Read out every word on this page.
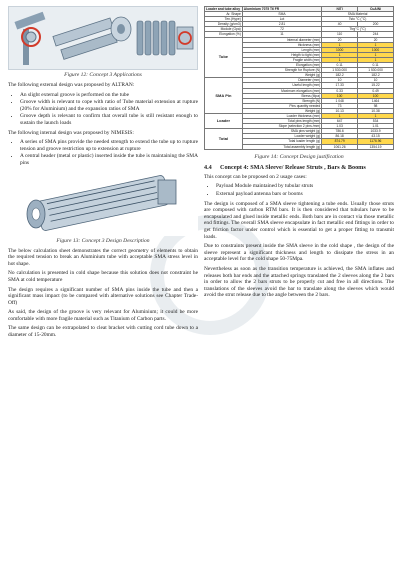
Figure 12: Concept 3 Applications

The following external design was proposed by ALTRAN:

• An slight external groove is performed on the tube
• Groove width is relevant to cope with ratio of Tube material extension at rupture (20% for Aluminium) and the expansion ratios of SMA
• Groove depth is relevant to confirm that overall tube is still resistant enough to sustain the launch loads

The following internal design was proposed by NIMESIS:

• A series of SMA pins provide the needed strength to extend the tube up to rupture tension and groove restriction up to extension at rupture
• A central header (metal or plastic) inserted inside the tube is maintaining the SMA pins
Figure 13: Concept 3 Design Description

The below calculation sheet demonstrates the correct geometry of elements to obtain the required tension to break an Aluminium tube with acceptable SMA stress level in hot shape.

No calculation is presented in cold shape because this solution does not constraint he SMA at cold temperature

The design requires a significant number of SMA pins inside the tube and then a significant mass impact (to be compared with alternative solutions see Chapter Trade-Off)

As said, the design of the groove is very relevant for Aluminium; it could be more comfortable with more fragile material such as Titanium of Carbon parts.

The same design can be extrapolated to cleat bracket with cutting cord tube down to a diameter of 15-20mm.

Loader and tube alloy	Aluminium 7075 T6 FR	NITI	CuAlNi
Ar. Shape	SMA	SMA Material	
Ten.(Hype)	Lot	Tsto °C (°C)	
Density (g/cm3)	2.81	40	200
Module (Gpa)	72	Ttrg°C (°C)	
Elongation (%)	11	110	244
Tube	Internal diameter (mm)	20	20
	thickness (mm)	1	1
	Length (mm)	1000	1000
	Heigth to tight (mm)	1	1
	Fragile width (mm)	1	1
	Elongation (mm)	0.11	0.11
	Strength for Rupture (N)	1 530.000	1 530.000
	Weight (g)	182.2	182.2
SMA Pin	Diameter (mm)	10	10
	Useful length (mm)	17.33	15.22
	Maximum elongation (mm)	0.33	0.49
	Stress (Mpa)	100	100
	Strength (N)	1 048	1464
	Pins quantity needed	73	98
	Weight (g)	10.13	10.38
Loader	Loader thickness (mm)	1	1
	Total pins length (mm)	647	534
	Slope (selection 2 pins /mm)	1.03	1.01
Total	SMA pins weight (g)	786.6	1033.9
	Loader weight (g)	86.18	43.15
	Total loader length (g)	874.79	1176.96
	Total assembly length (g)	1061.26	1354.19
Figure 14: Concept Design justification
4.4 Concept 4: SMA Sleeve/ Release Struts , Bars & Booms

This concept can be proposed on 2 usage cases:

• Payload Module maintained by tubular struts
• External payload antenna bars or booms

The design is composed of a SMA sleeve tightening a tube ends. Usually those struts are composed with carbon RTM bars. It is then considered that tubulars have to be encapsulated and glued inside metallic ends. Both bars are in contact via those metallic end fittings. The overall SMA sleeve encapsulate in fact metallic end fittings in order to get friction factor under control which is essential to get a proper fitting to transmit loads.

Due to constraints present inside the SMA sleeve in the cold shape , the design of the sleeve represent a significant thickness and length to dissipate the stress in an acceptable level for the cold shape 50-75Mpa.

Nevertheless as soon as the transition temperature is achieved, the SMA inflates and releases both bar ends and the attached springs translated the 2 sleeves along the 2 bars in order to allow the 2 bars struts to be properly cut and free in all directions. The translations of the sleeves avoid the bar to translate along the sleeves which would avoid the strut release due to the angle between the 2 bars.
